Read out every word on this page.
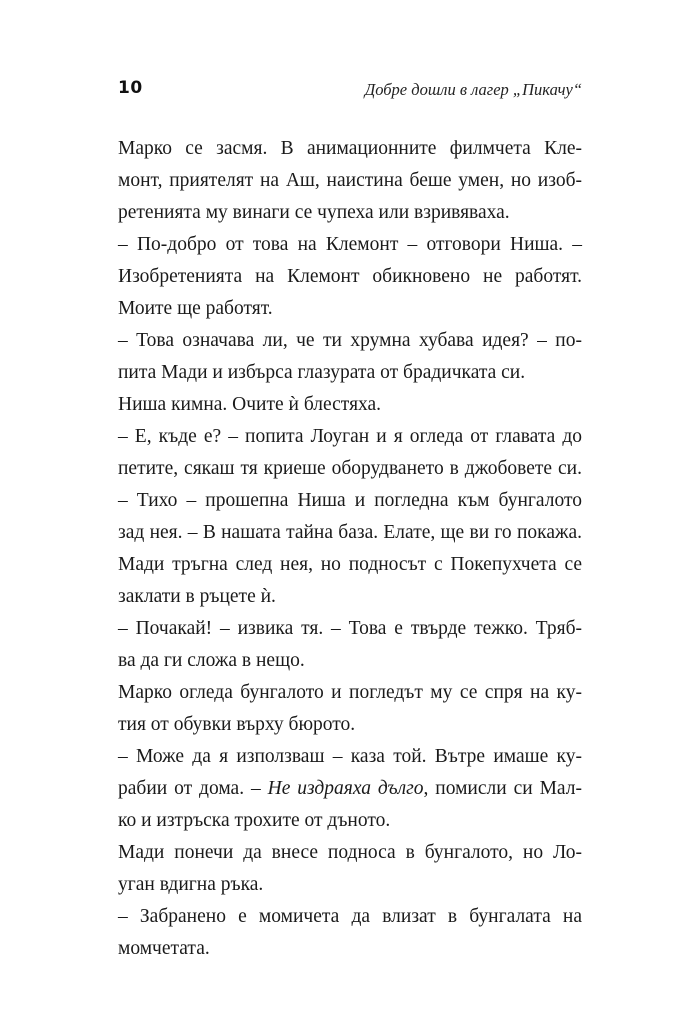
10	Добре дошли в лагер „Пикачу“

Марко се засмя. В анимационните филмчета Кле-
монт, приятелят на Аш, наистина беше умен, но изоб-
ретенията му винаги се чупеха или взривяваха.

– По-добро от това на Клемонт – отговори Ниша. –
Изобретенията на Клемонт обикновено не работят.
Моите ще работят.

– Това означава ли, че ти хрумна хубава идея? – по-
пита Мади и избърса глазурата от брадичката си.

Ниша кимна. Очите ѝ блестяха.

– Е, къде е? – попита Лоуган и я огледа от главата до
петите, сякаш тя криеше оборудването в джобовете си.

– Тихо – прошепна Ниша и погледна към бунгалото
зад нея. – В нашата тайна база. Елате, ще ви го покажа.

Мади тръгна след нея, но подносът с Покепухчета се
заклати в ръцете ѝ.

– Почакай! – извика тя. – Това е твърде тежко. Тряб-
ва да ги сложа в нещо.

Марко огледа бунгалото и погледът му се спря на ку-
тия от обувки върху бюрото.

– Може да я използваш – каза той. Вътре имаше ку-
рабии от дома. – Не издраяха дълго, помисли си Мал-
ко и изтръска трохите от дъното.

Мади понечи да внесе подноса в бунгалото, но Ло-
уган вдигна ръка.

– Забранено е момичета да влизат в бунгалата на
момчетата.
